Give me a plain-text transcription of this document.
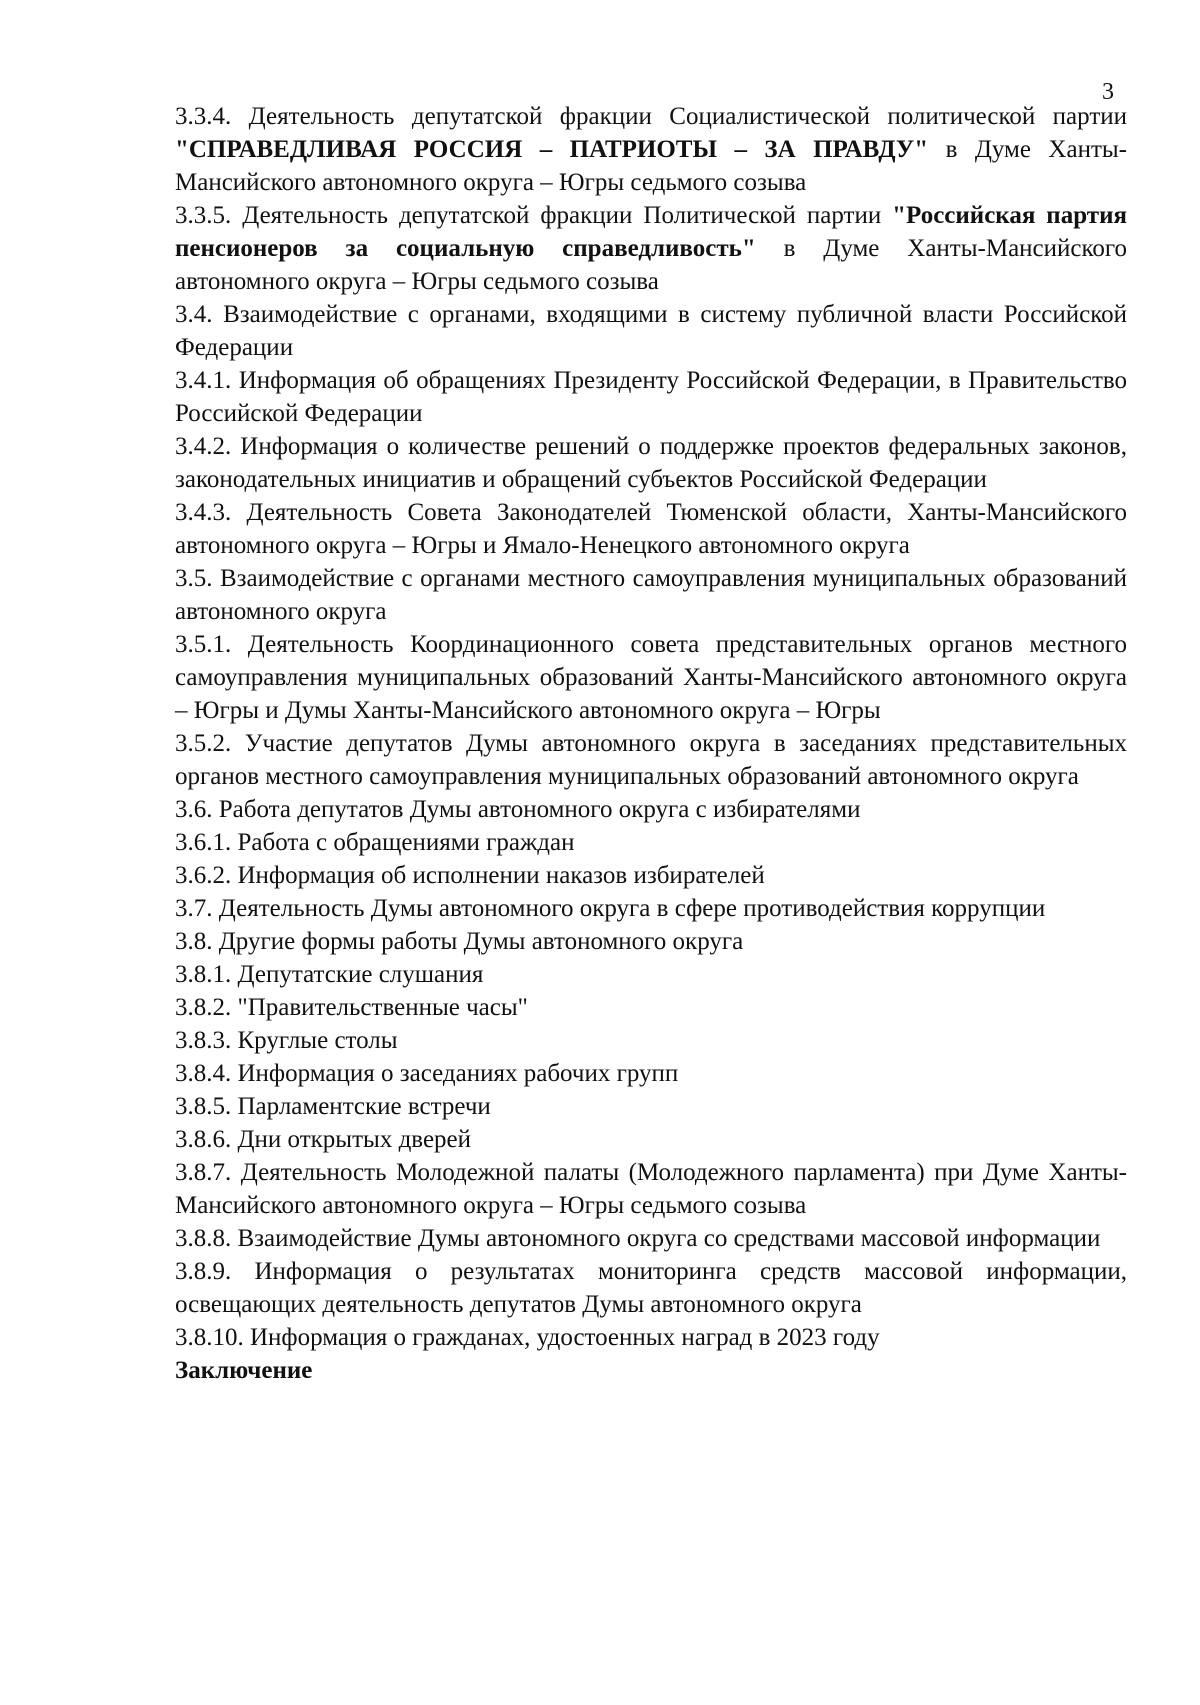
3

3.3.4. Деятельность депутатской фракции Социалистической политической партии "СПРАВЕДЛИВАЯ РОССИЯ – ПАТРИОТЫ – ЗА ПРАВДУ" в Думе Ханты-Мансийского автономного округа – Югры седьмого созыва

3.3.5. Деятельность депутатской фракции Политической партии "Российская партия пенсионеров за социальную справедливость" в Думе Ханты-Мансийского автономного округа – Югры седьмого созыва

3.4. Взаимодействие с органами, входящими в систему публичной власти Российской Федерации

3.4.1. Информация об обращениях Президенту Российской Федерации, в Правительство Российской Федерации

3.4.2. Информация о количестве решений о поддержке проектов федеральных законов, законодательных инициатив и обращений субъектов Российской Федерации

3.4.3. Деятельность Совета Законодателей Тюменской области, Ханты-Мансийского автономного округа – Югры и Ямало-Ненецкого автономного округа

3.5. Взаимодействие с органами местного самоуправления муниципальных образований автономного округа

3.5.1. Деятельность Координационного совета представительных органов местного самоуправления муниципальных образований Ханты-Мансийского автономного округа – Югры и Думы Ханты-Мансийского автономного округа – Югры

3.5.2. Участие депутатов Думы автономного округа в заседаниях представительных органов местного самоуправления муниципальных образований автономного округа

3.6. Работа депутатов Думы автономного округа с избирателями

3.6.1. Работа с обращениями граждан

3.6.2. Информация об исполнении наказов избирателей

3.7. Деятельность Думы автономного округа в сфере противодействия коррупции

3.8. Другие формы работы Думы автономного округа

3.8.1. Депутатские слушания

3.8.2. "Правительственные часы"

3.8.3. Круглые столы

3.8.4. Информация о заседаниях рабочих групп

3.8.5. Парламентские встречи

3.8.6. Дни открытых дверей

3.8.7. Деятельность Молодежной палаты (Молодежного парламента) при Думе Ханты-Мансийского автономного округа – Югры седьмого созыва

3.8.8. Взаимодействие Думы автономного округа со средствами массовой информации

3.8.9. Информация о результатах мониторинга средств массовой информации, освещающих деятельность депутатов Думы автономного округа

3.8.10. Информация о гражданах, удостоенных наград в 2023 году

Заключение
